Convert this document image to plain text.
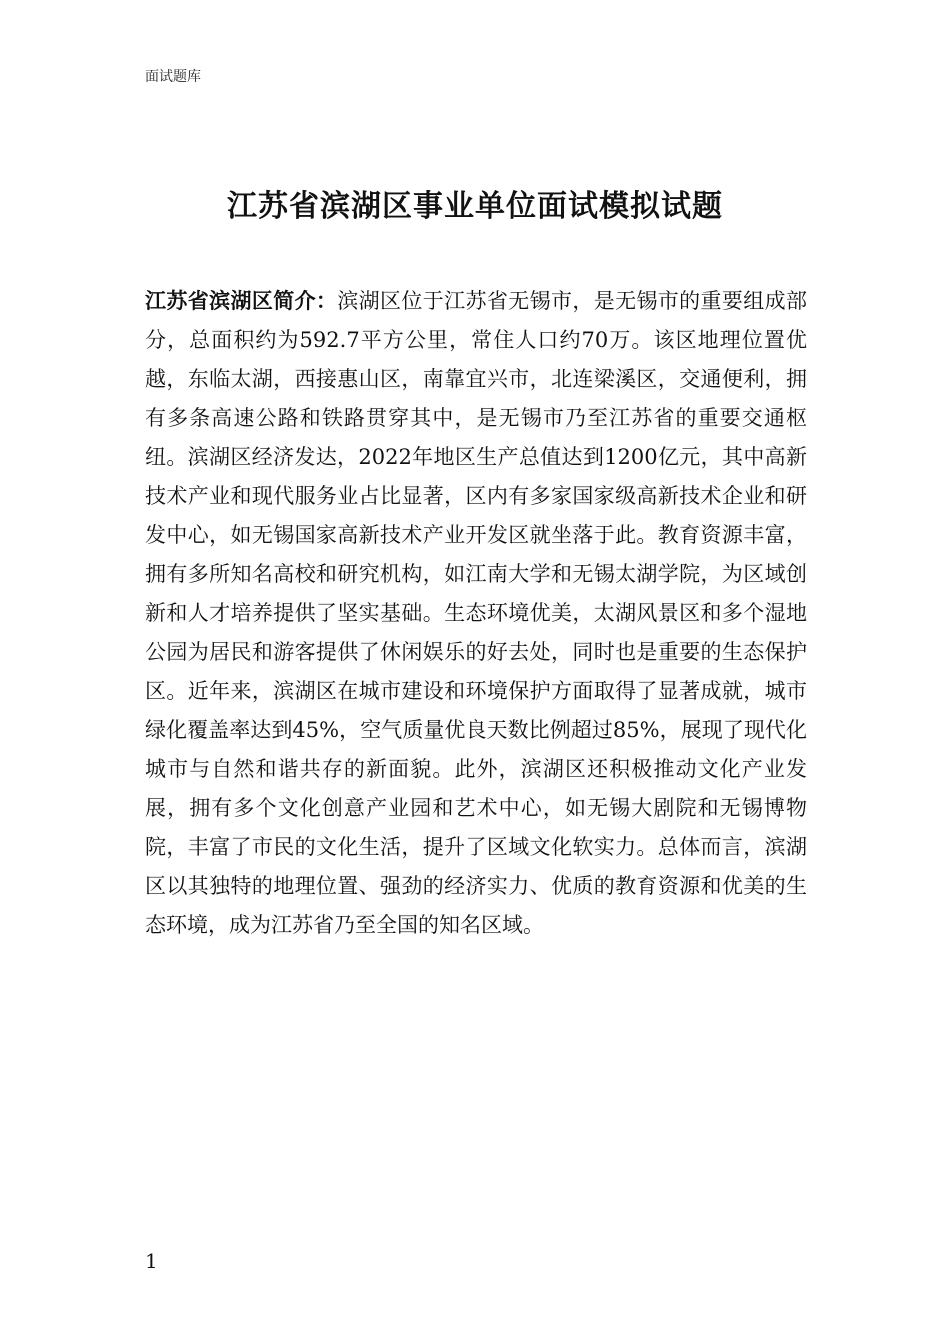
面试题库
江苏省滨湖区事业单位面试模拟试题

江苏省滨湖区简介：滨湖区位于江苏省无锡市，是无锡市的重要组成部分，总面积约为592.7平方公里，常住人口约70万。该区地理位置优越，东临太湖，西接惠山区，南靠宜兴市，北连梁溪区，交通便利，拥有多条高速公路和铁路贯穿其中，是无锡市乃至江苏省的重要交通枢纽。滨湖区经济发达，2022年地区生产总值达到1200亿元，其中高新技术产业和现代服务业占比显著，区内有多家国家级高新技术企业和研发中心，如无锡国家高新技术产业开发区就坐落于此。教育资源丰富，拥有多所知名高校和研究机构，如江南大学和无锡太湖学院，为区域创新和人才培养提供了坚实基础。生态环境优美，太湖风景区和多个湿地公园为居民和游客提供了休闲娱乐的好去处，同时也是重要的生态保护区。近年来，滨湖区在城市建设和环境保护方面取得了显著成就，城市绿化覆盖率达到45%，空气质量优良天数比例超过85%，展现了现代化城市与自然和谐共存的新面貌。此外，滨湖区还积极推动文化产业发展，拥有多个文化创意产业园和艺术中心，如无锡大剧院和无锡博物院，丰富了市民的文化生活，提升了区域文化软实力。总体而言，滨湖区以其独特的地理位置、强劲的经济实力、优质的教育资源和优美的生态环境，成为江苏省乃至全国的知名区域。

1
